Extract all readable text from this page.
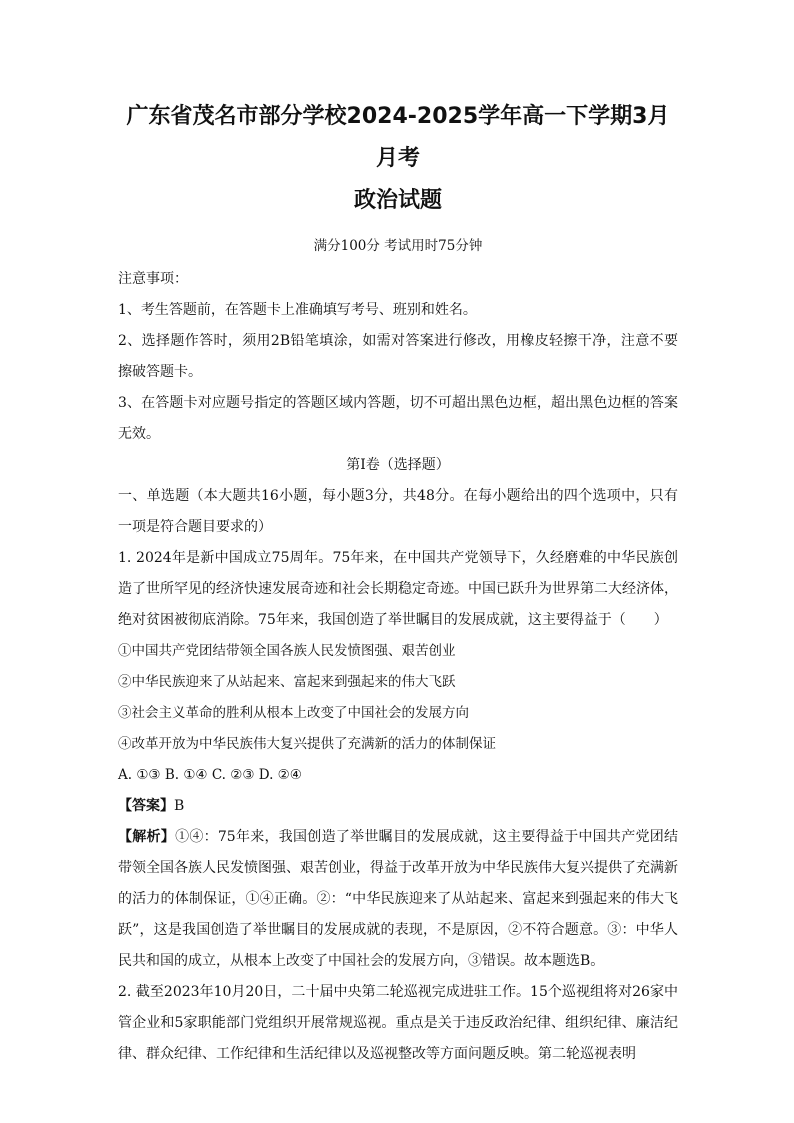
广东省茂名市部分学校2024-2025学年高一下学期3月月考
政治试题
满分100分 考试用时75分钟

注意事项：

1、考生答题前，在答题卡上准确填写考号、班别和姓名。

2、选择题作答时，须用2B铅笔填涂，如需对答案进行修改，用橡皮轻擦干净，注意不要擦破答题卡。

3、在答题卡对应题号指定的答题区域内答题，切不可超出黑色边框，超出黑色边框的答案无效。

第Ⅰ卷（选择题）

一、单选题（本大题共16小题，每小题3分，共48分。在每小题给出的四个选项中，只有一项是符合题目要求的）

1. 2024年是新中国成立75周年。75年来，在中国共产党领导下，久经磨难的中华民族创造了世所罕见的经济快速发展奇迹和社会长期稳定奇迹。中国已跃升为世界第二大经济体，绝对贫困被彻底消除。75年来，我国创造了举世瞩目的发展成就，这主要得益于（　　）

①中国共产党团结带领全国各族人民发愤图强、艰苦创业

②中华民族迎来了从站起来、富起来到强起来的伟大飞跃

③社会主义革命的胜利从根本上改变了中国社会的发展方向

④改革开放为中华民族伟大复兴提供了充满新的活力的体制保证

A. ①③ B. ①④ C. ②③ D. ②④

【答案】B

【解析】①④：75年来，我国创造了举世瞩目的发展成就，这主要得益于中国共产党团结带领全国各族人民发愤图强、艰苦创业，得益于改革开放为中华民族伟大复兴提供了充满新的活力的体制保证，①④正确。②：“中华民族迎来了从站起来、富起来到强起来的伟大飞跃”，这是我国创造了举世瞩目的发展成就的表现，不是原因，②不符合题意。③：中华人民共和国的成立，从根本上改变了中国社会的发展方向，③错误。故本题选B。

2. 截至2023年10月20日，二十届中央第二轮巡视完成进驻工作。15个巡视组将对26家中管企业和5家职能部门党组织开展常规巡视。重点是关于违反政治纪律、组织纪律、廉洁纪律、群众纪律、工作纪律和生活纪律以及巡视整改等方面问题反映。第二轮巡视表明
